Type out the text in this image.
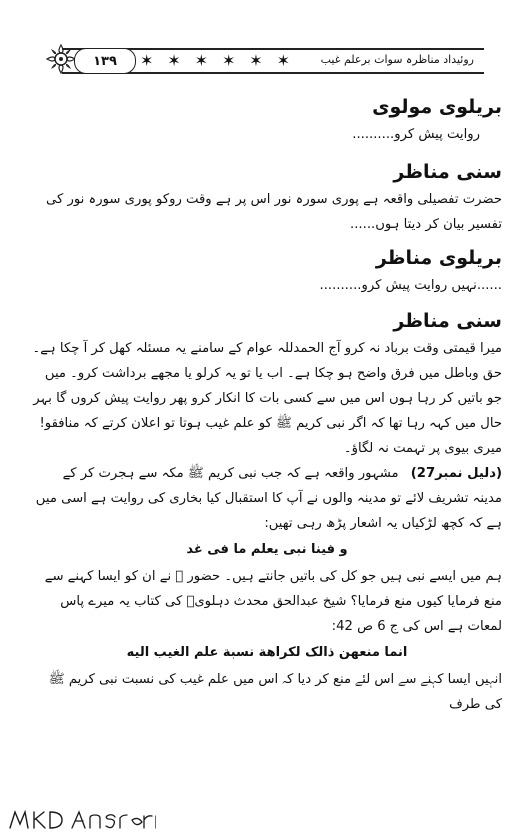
۱۳۹	✶ ✶ ✶ ✶ ✶ ✶	روئیداد مناظرہ سوات برعلم غیب
بریلوی مولوی

روایت پیش کرو..........

سنی مناظر

حضرت تفصیلی واقعہ ہے پوری سورہ نور اس پر ہے وقت روکو پوری سورہ نور کی تفسیر بیان کر دیتا ہوں......

بریلوی مناظر

......نہیں روایت پیش کرو..........

سنی مناظر

میرا قیمتی وقت برباد نہ کرو آج الحمدللہ عوام کے سامنے یہ مسئلہ کھل کر آ چکا ہے۔ حق وباطل میں فرق واضح ہو چکا ہے۔ اب یا تو یہ کرلو یا مجھے برداشت کرو۔ میں جو باتیں کر رہا ہوں اس میں سے کسی بات کا انکار کرو پھر روایت پیش کروں گا بہر حال میں کہہ رہا تھا کہ اگر نبی کریم ﷺ کو علم غیب ہوتا تو اعلان کرتے کہ منافقو! میری بیوی پر تہمت نہ لگاؤ۔

(دلیل نمبر27) مشہور واقعہ ہے کہ جب نبی کریم ﷺ مکہ سے ہجرت کر کے مدینہ تشریف لائے تو مدینہ والوں نے آپ کا استقبال کیا بخاری کی روایت ہے اسی میں ہے کہ کچھ لڑکیاں یہ اشعار پڑھ رہی تھیں:

و فینا نبی یعلم ما فی غد

ہم میں ایسے نبی ہیں جو کل کی باتیں جانتے ہیں۔ حضور ﷺ نے ان کو ایسا کہنے سے منع فرمایا کیوں منع فرمایا؟ شیخ عبدالحق محدث دہلویؒ کی کتاب یہ میرے پاس لمعات ہے اس کی ج 6 ص 42:

انما منعهن ذالک لکراهة نسبة علم الغیب الیه

انہیں ایسا کہنے سے اس لئے منع کر دیا کہ اس میں علم غیب کی نسبت نبی کریم ﷺ کی طرف
